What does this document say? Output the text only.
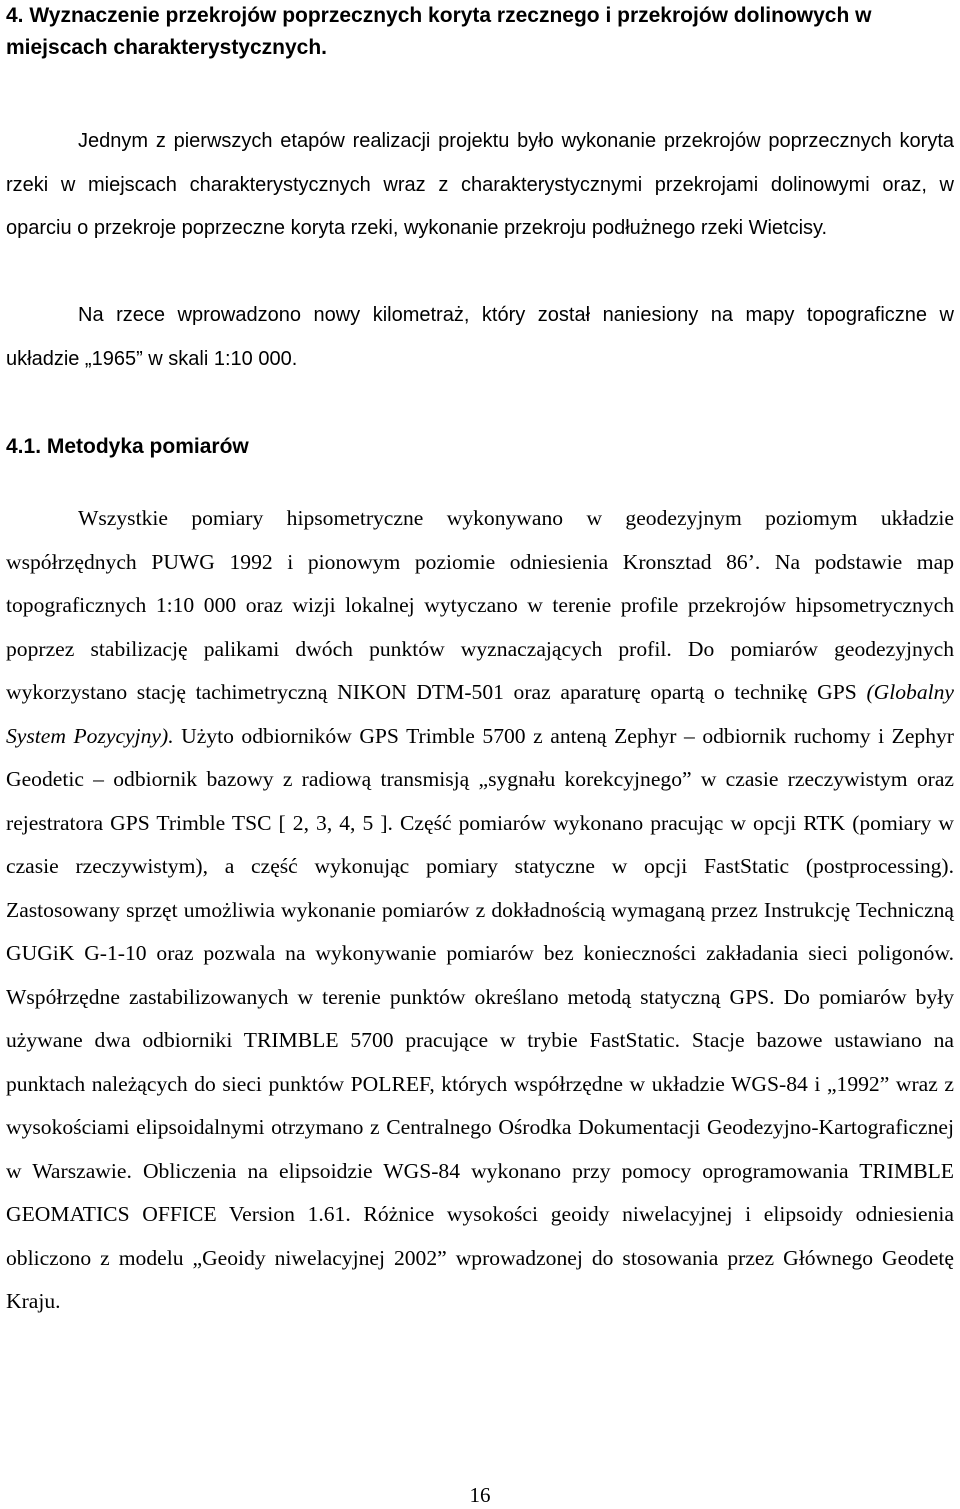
4. Wyznaczenie przekrojów poprzecznych koryta rzecznego i przekrojów dolinowych w miejscach charakterystycznych.

Jednym z pierwszych etapów realizacji projektu było wykonanie przekrojów poprzecznych koryta rzeki w miejscach charakterystycznych wraz z charakterystycznymi przekrojami dolinowymi oraz, w oparciu o przekroje poprzeczne koryta rzeki, wykonanie przekroju podłużnego rzeki Wietcisy.

Na rzece wprowadzono nowy kilometraż, który został naniesiony na mapy topograficzne w układzie „1965” w skali 1:10 000.

4.1. Metodyka pomiarów

Wszystkie pomiary hipsometryczne wykonywano w geodezyjnym poziomym układzie współrzędnych PUWG 1992 i pionowym poziomie odniesienia Kronsztad 86’. Na podstawie map topograficznych 1:10 000 oraz wizji lokalnej wytyczano w terenie profile przekrojów hipsometrycznych poprzez stabilizację palikami dwóch punktów wyznaczających profil. Do pomiarów geodezyjnych wykorzystano stację tachimetryczną NIKON DTM-501 oraz aparaturę opartą o technikę GPS (Globalny System Pozycyjny). Użyto odbiorników GPS Trimble 5700 z anteną Zephyr – odbiornik ruchomy i Zephyr Geodetic – odbiornik bazowy z radiową transmisją „sygnału korekcyjnego” w czasie rzeczywistym oraz rejestratora GPS Trimble TSC [ 2, 3, 4, 5 ]. Część pomiarów wykonano pracując w opcji RTK (pomiary w czasie rzeczywistym), a część wykonując pomiary statyczne w opcji FastStatic (postprocessing). Zastosowany sprzęt umożliwia wykonanie pomiarów z dokładnością wymaganą przez Instrukcję Techniczną GUGiK G-1-10 oraz pozwala na wykonywanie pomiarów bez konieczności zakładania sieci poligonów. Współrzędne zastabilizowanych w terenie punktów określano metodą statyczną GPS. Do pomiarów były używane dwa odbiorniki TRIMBLE 5700 pracujące w trybie FastStatic. Stacje bazowe ustawiano na punktach należących do sieci punktów POLREF, których współrzędne w układzie WGS-84 i „1992” wraz z wysokościami elipsoidalnymi otrzymano z Centralnego Ośrodka Dokumentacji Geodezyjno-Kartograficznej w Warszawie. Obliczenia na elipsoidzie WGS-84 wykonano przy pomocy oprogramowania TRIMBLE GEOMATICS OFFICE Version 1.61. Różnice wysokości geoidy niwelacyjnej i elipsoidy odniesienia obliczono z modelu „Geoidy niwelacyjnej 2002” wprowadzonej do stosowania przez Głównego Geodetę Kraju.

16
